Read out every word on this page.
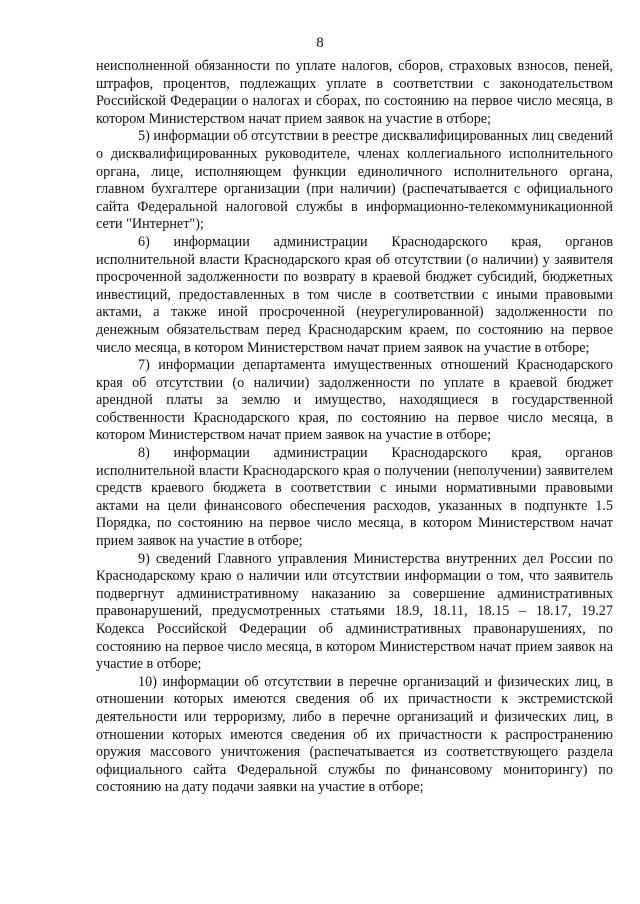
8

неисполненной обязанности по уплате налогов, сборов, страховых взносов, пеней, штрафов, процентов, подлежащих уплате в соответствии с законодательством Российской Федерации о налогах и сборах, по состоянию на первое число месяца, в котором Министерством начат прием заявок на участие в отборе;

5) информации об отсутствии в реестре дисквалифицированных лиц сведений о дисквалифицированных руководителе, членах коллегиального исполнительного органа, лице, исполняющем функции единоличного исполнительного органа, главном бухгалтере организации (при наличии) (распечатывается с официального сайта Федеральной налоговой службы в информационно-телекоммуникационной сети "Интернет");

6) информации администрации Краснодарского края, органов исполнительной власти Краснодарского края об отсутствии (о наличии) у заявителя просроченной задолженности по возврату в краевой бюджет субсидий, бюджетных инвестиций, предоставленных в том числе в соответствии с иными правовыми актами, а также иной просроченной (неурегулированной) задолженности по денежным обязательствам перед Краснодарским краем, по состоянию на первое число месяца, в котором Министерством начат прием заявок на участие в отборе;

7) информации департамента имущественных отношений Краснодарского края об отсутствии (о наличии) задолженности по уплате в краевой бюджет арендной платы за землю и имущество, находящиеся в государственной собственности Краснодарского края, по состоянию на первое число месяца, в котором Министерством начат прием заявок на участие в отборе;

8) информации администрации Краснодарского края, органов исполнительной власти Краснодарского края о получении (неполучении) заявителем средств краевого бюджета в соответствии с иными нормативными правовыми актами на цели финансового обеспечения расходов, указанных в подпункте 1.5 Порядка, по состоянию на первое число месяца, в котором Министерством начат прием заявок на участие в отборе;

9) сведений Главного управления Министерства внутренних дел России по Краснодарскому краю о наличии или отсутствии информации о том, что заявитель подвергнут административному наказанию за совершение административных правонарушений, предусмотренных статьями 18.9, 18.11, 18.15 – 18.17, 19.27 Кодекса Российской Федерации об административных правонарушениях, по состоянию на первое число месяца, в котором Министерством начат прием заявок на участие в отборе;

10) информации об отсутствии в перечне организаций и физических лиц, в отношении которых имеются сведения об их причастности к экстремистской деятельности или терроризму, либо в перечне организаций и физических лиц, в отношении которых имеются сведения об их причастности к распространению оружия массового уничтожения (распечатывается из соответствующего раздела официального сайта Федеральной службы по финансовому мониторингу) по состоянию на дату подачи заявки на участие в отборе;
